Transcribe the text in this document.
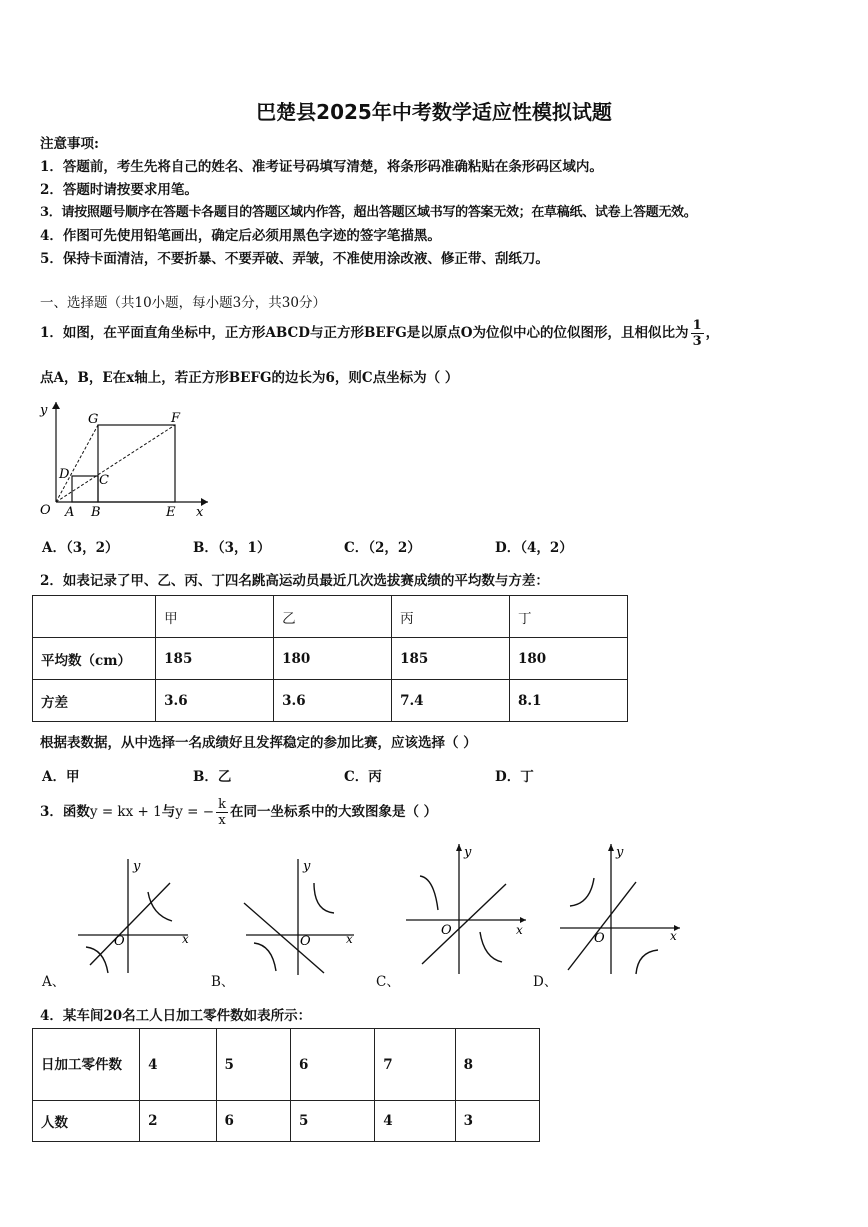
巴楚县2025年中考数学适应性模拟试题
注意事项:
1．答题前，考生先将自己的姓名、准考证号码填写清楚，将条形码准确粘贴在条形码区域内。
2．答题时请按要求用笔。
3．请按照题号顺序在答题卡各题目的答题区域内作答，超出答题区域书写的答案无效；在草稿纸、试卷上答题无效。
4．作图可先使用铅笔画出，确定后必须用黑色字迹的签字笔描黑。
5．保持卡面清洁，不要折暴、不要弄破、弄皱，不准使用涂改液、修正带、刮纸刀。
一、选择题（共10小题，每小题3分，共30分）
1．如图，在平面直角坐标中，正方形ABCD与正方形BEFG是以原点O为位似中心的位似图形，且相似比为 $\frac{1}{3}$ ，
点A，B，E在x轴上，若正方形BEFG的边长为6，则C点坐标为（ ）
y
G	F
D C
O A B	E x
A．（3，2）	B．（3，1）	C．（2，2）	D．（4，2）
2．如表记录了甲、乙、丙、丁四名跳高运动员最近几次选拔赛成绩的平均数与方差：
	甲	乙	丙	丁
平均数（cm）	185	180	185	180
方差	3.6	3.6	7.4	8.1
根据表数据，从中选择一名成绩好且发挥稳定的参加比赛，应该选择（ ）
A．甲	B．乙	C．丙	D．丁
3．函数y = kx + 1与y = − $\frac{k}{x}$ 在同一坐标系中的大致图象是（ ）
y
x
O
A、
y
x
O
B、
y
x
O
C、
y
x
O
D、
4．某车间20名工人日加工零件数如表所示：
日加工零件数	4	5	6	7	8
人数	2	6	5	4	3
